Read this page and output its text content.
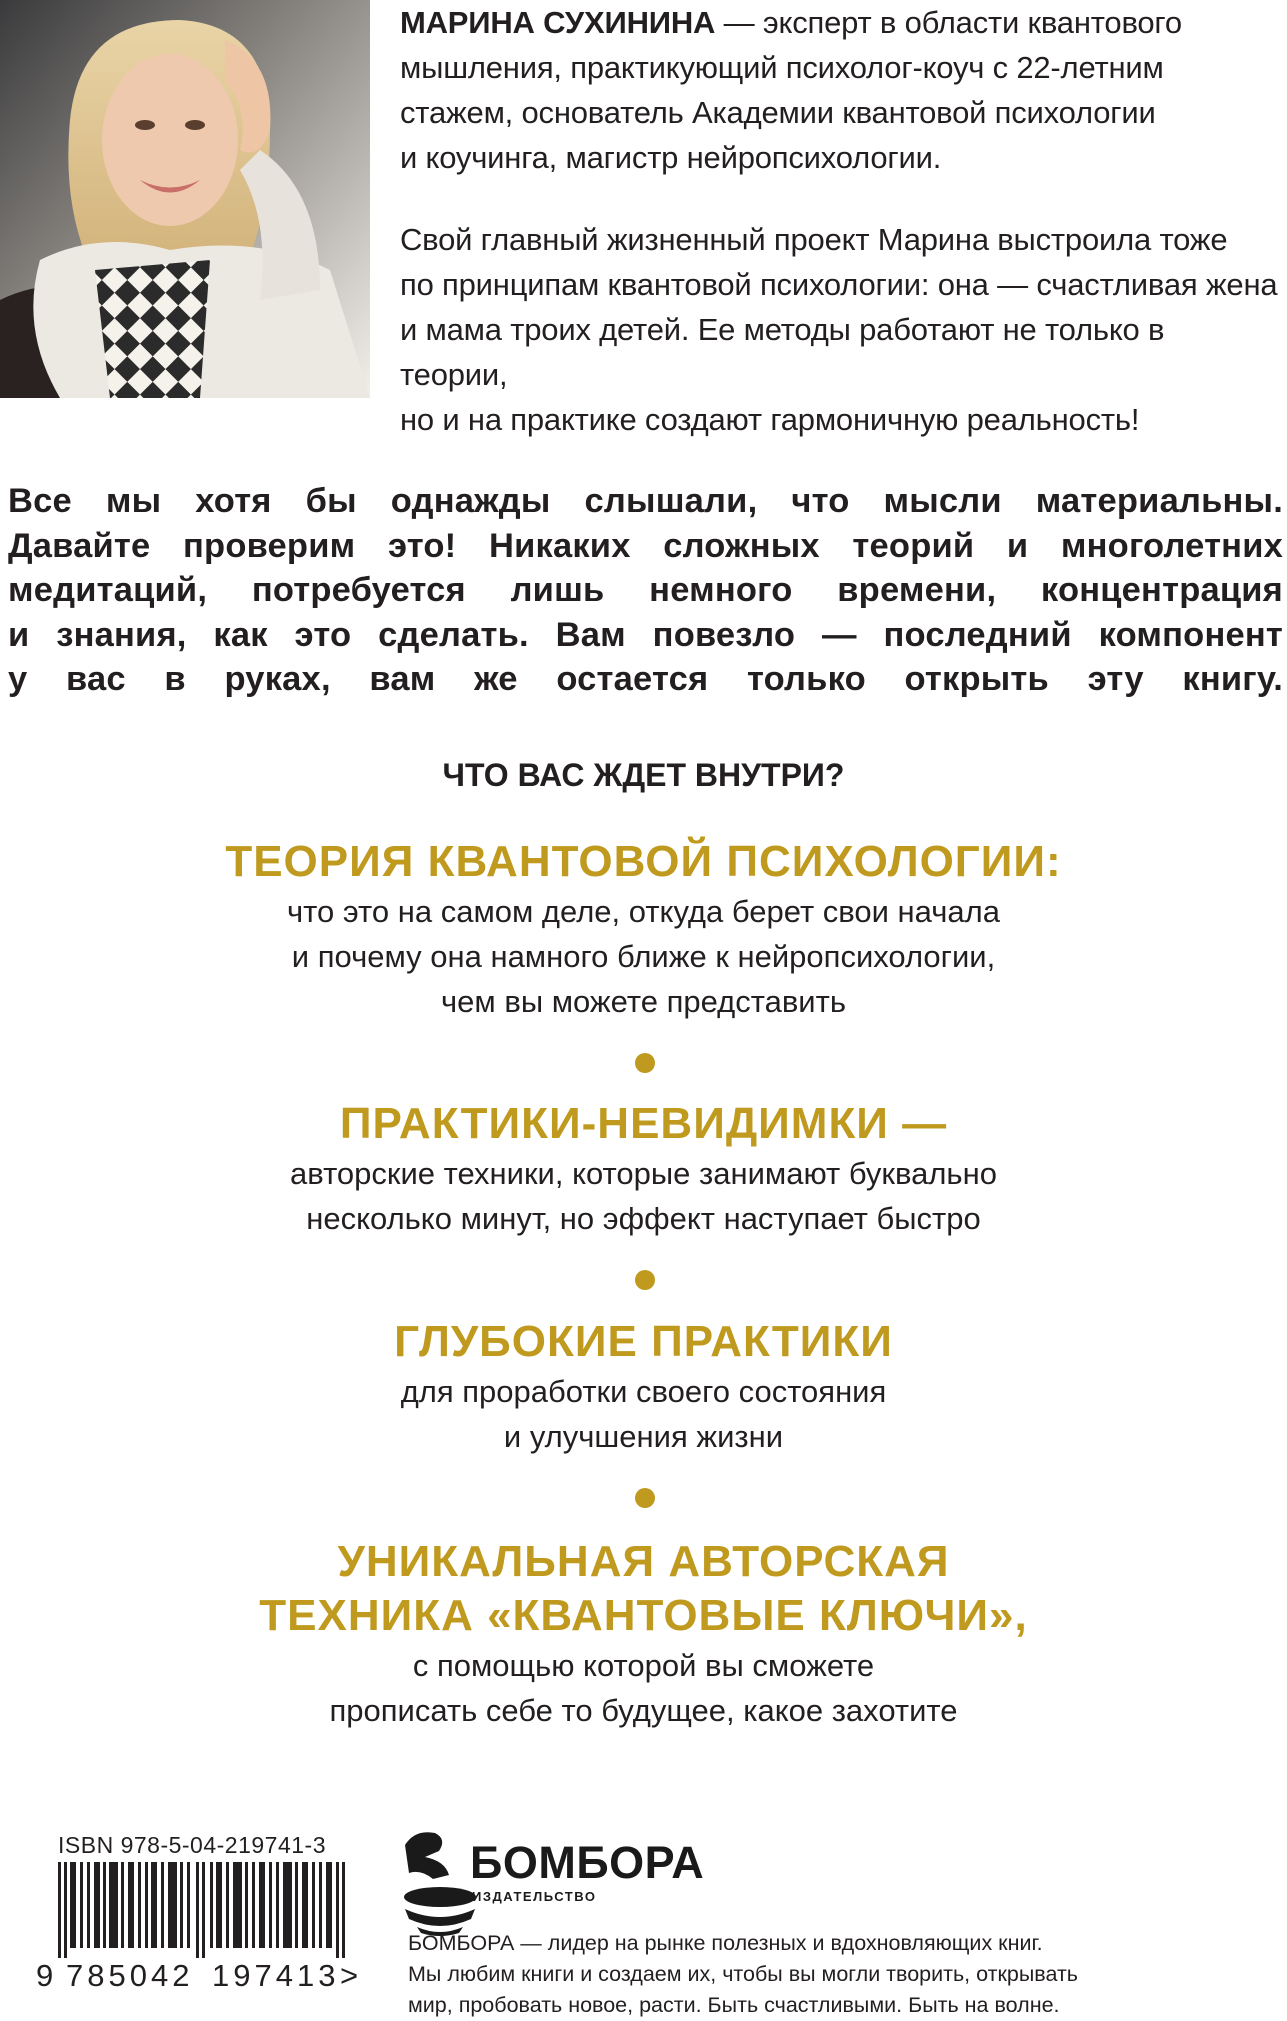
МАРИНА СУХИНИНА — эксперт в области квантового
мышления, практикующий психолог-коуч с 22-летним
стажем, основатель Академии квантовой психологии
и коучинга, магистр нейропсихологии.

Свой главный жизненный проект Марина выстроила тоже
по принципам квантовой психологии: она — счастливая жена
и мама троих детей. Ее методы работают не только в теории,
но и на практике создают гармоничную реальность!

Все мы хотя бы однажды слышали, что мысли материальны.
Давайте проверим это! Никаких сложных теорий и многолетних
медитаций, потребуется лишь немного времени, концентрация
и знания, как это сделать. Вам повезло — последний компонент
у вас в руках, вам же остается только открыть эту книгу.
ЧТО ВАС ЖДЕТ ВНУТРИ?

ТЕОРИЯ КВАНТОВОЙ ПСИХОЛОГИИ:

что это на самом деле, откуда берет свои начала
и почему она намного ближе к нейропсихологии,
чем вы можете представить

ПРАКТИКИ-НЕВИДИМКИ —

авторские техники, которые занимают буквально
несколько минут, но эффект наступает быстро

ГЛУБОКИЕ ПРАКТИКИ

для проработки своего состояния
и улучшения жизни

УНИКАЛЬНАЯ АВТОРСКАЯ

ТЕХНИКА «КВАНТОВЫЕ КЛЮЧИ»,

с помощью которой вы сможете
прописать себе то будущее, какое захотите

ISBN 978-5-04-219741-3
9 785042 197413 >
БОМБОРА
ИЗДАТЕЛЬСТВО
БОМБОРА — лидер на рынке полезных и вдохновляющих книг.
Мы любим книги и создаем их, чтобы вы могли творить, открывать
мир, пробовать новое, расти. Быть счастливыми. Быть на волне.
